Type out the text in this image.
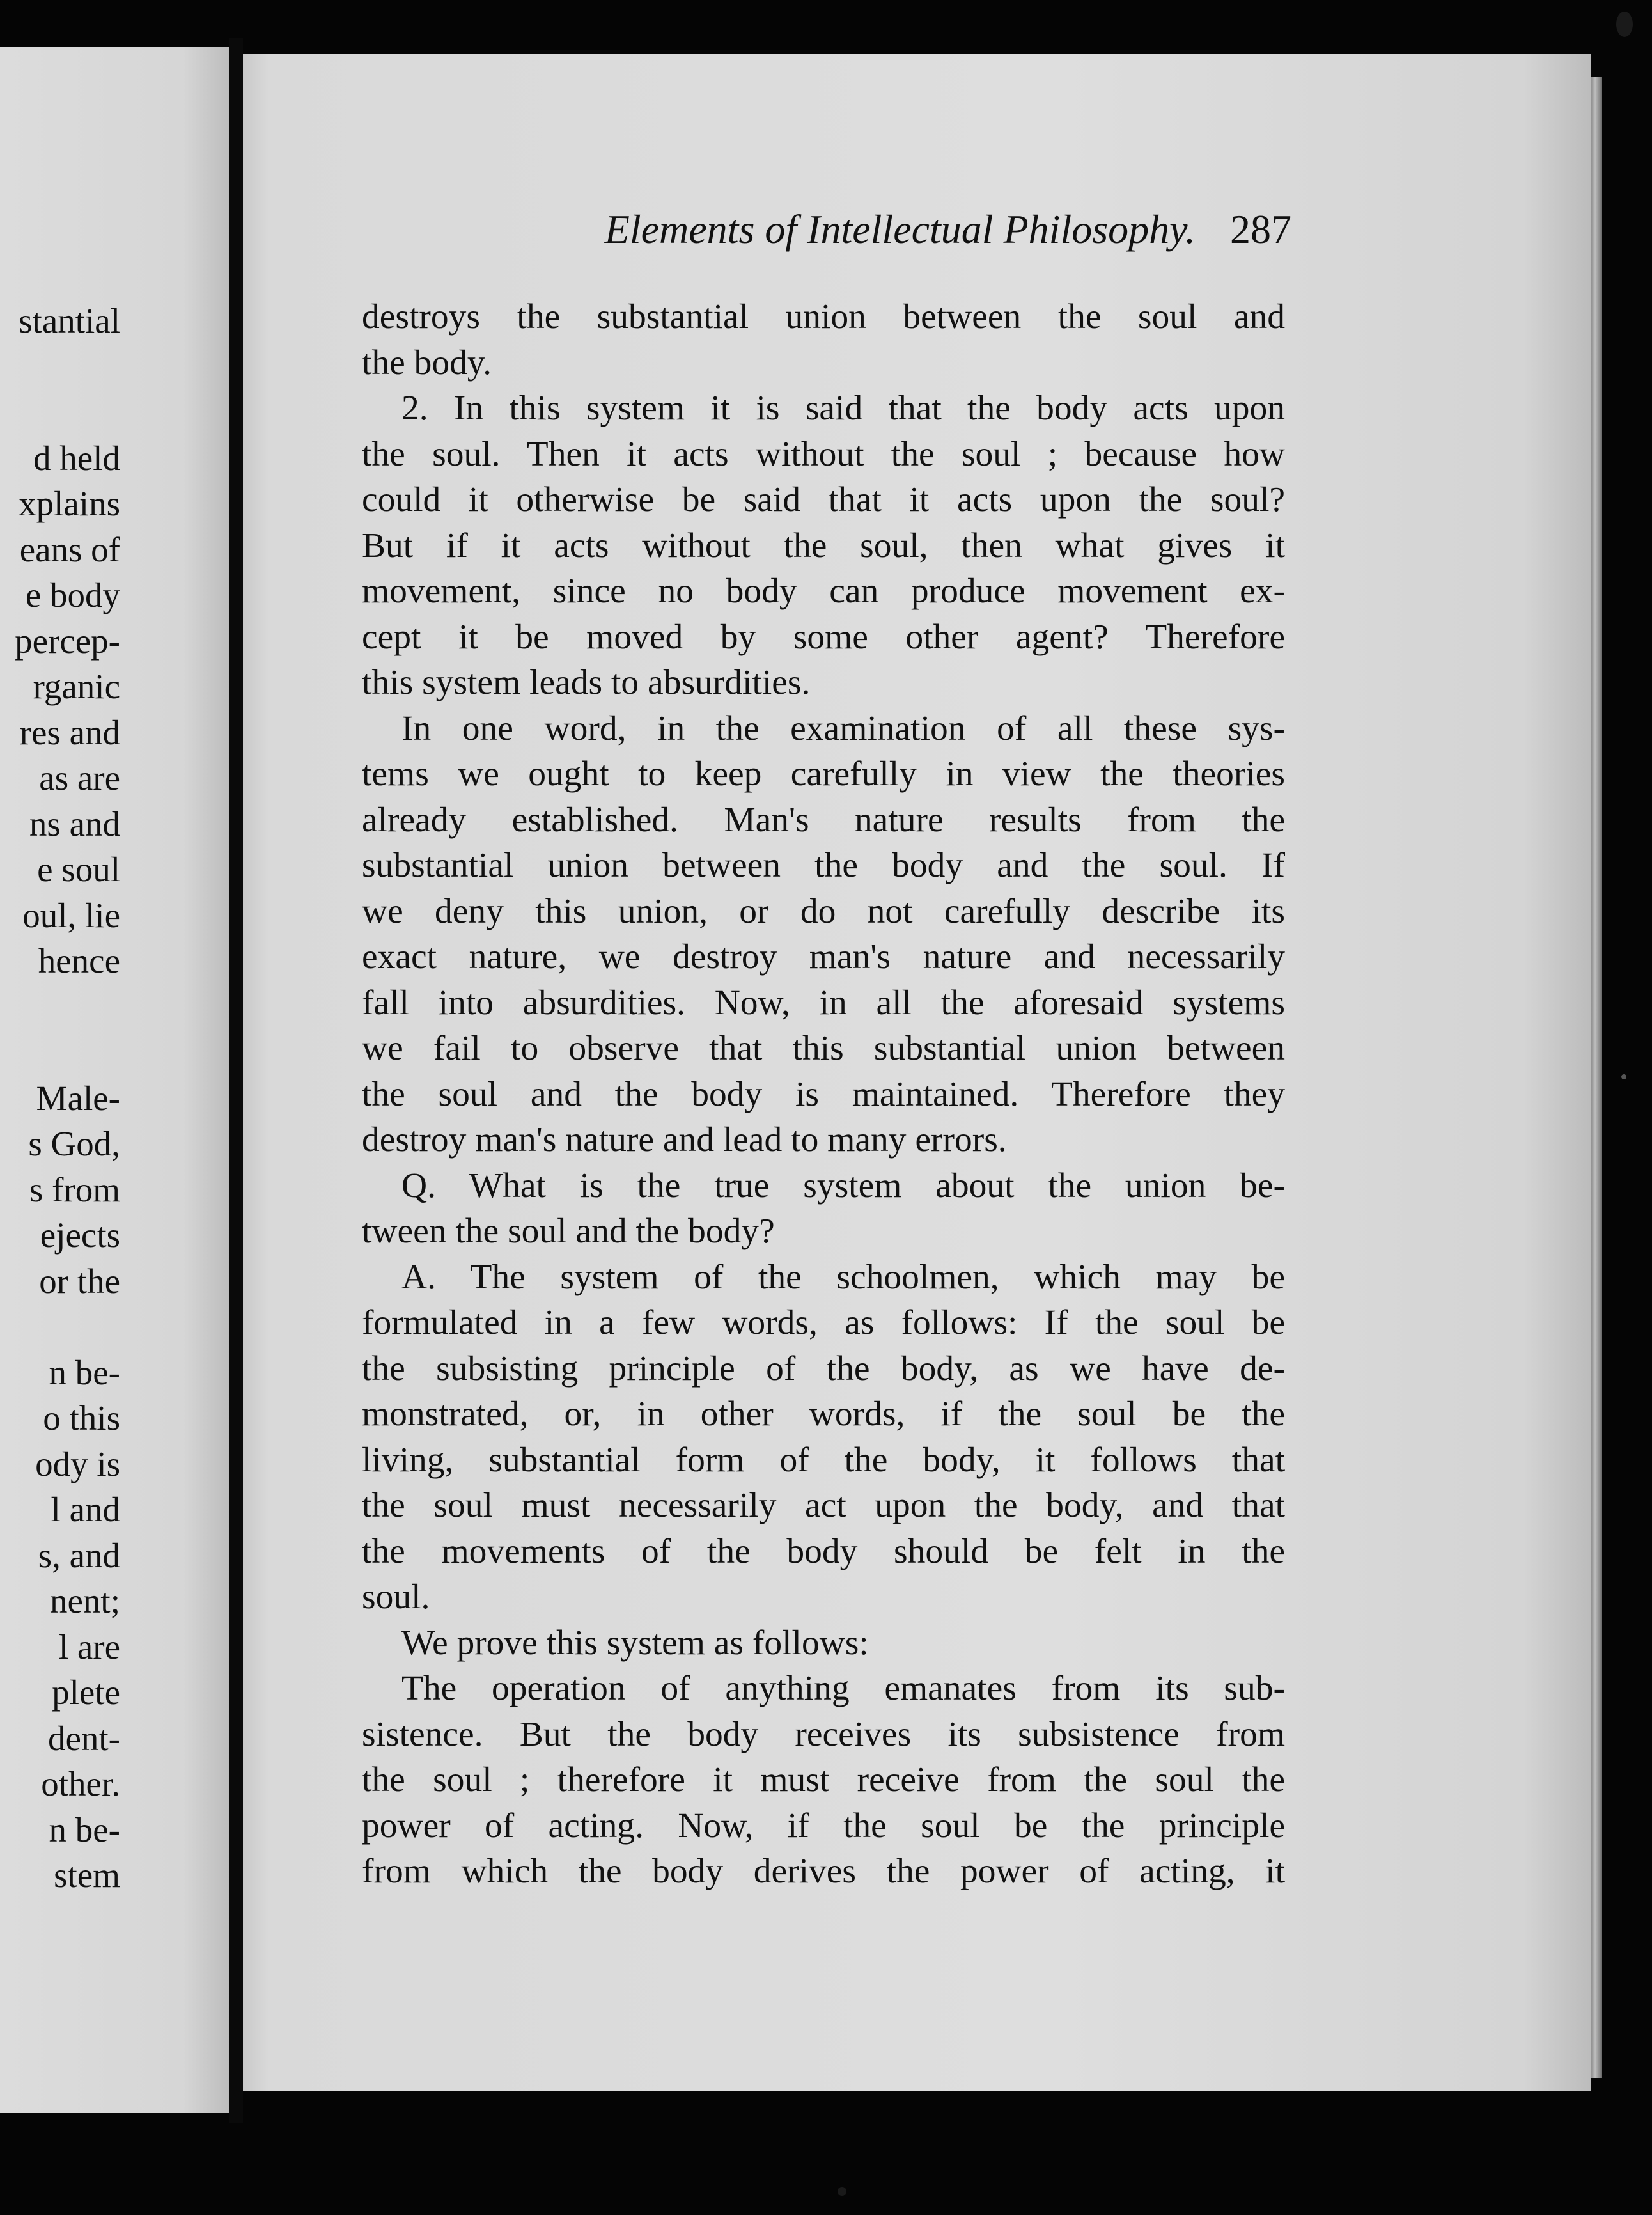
stantial
d held
xplains
eans of
e body
percep-
rganic
res and
as are
ns and
e soul
oul, lie
hence
Male-
s God,
s from
ejects
or the
n be-
o this
ody is
l and
s, and
nent;
l are
plete
dent-
other.
n be-
stem
Elements of Intellectual Philosophy. 287
destroys the substantial union between the soul and
the body.
2. In this system it is said that the body acts upon
the soul. Then it acts without the soul ; because how
could it otherwise be said that it acts upon the soul?
But if it acts without the soul, then what gives it
movement, since no body can produce movement ex-
cept it be moved by some other agent? Therefore
this system leads to absurdities.
In one word, in the examination of all these sys-
tems we ought to keep carefully in view the theories
already established. Man's nature results from the
substantial union between the body and the soul. If
we deny this union, or do not carefully describe its
exact nature, we destroy man's nature and necessarily
fall into absurdities. Now, in all the aforesaid systems
we fail to observe that this substantial union between
the soul and the body is maintained. Therefore they
destroy man's nature and lead to many errors.
Q. What is the true system about the union be-
tween the soul and the body?
A. The system of the schoolmen, which may be
formulated in a few words, as follows: If the soul be
the subsisting principle of the body, as we have de-
monstrated, or, in other words, if the soul be the
living, substantial form of the body, it follows that
the soul must necessarily act upon the body, and that
the movements of the body should be felt in the
soul.
We prove this system as follows:
The operation of anything emanates from its sub-
sistence. But the body receives its subsistence from
the soul ; therefore it must receive from the soul the
power of acting. Now, if the soul be the principle
from which the body derives the power of acting, it
